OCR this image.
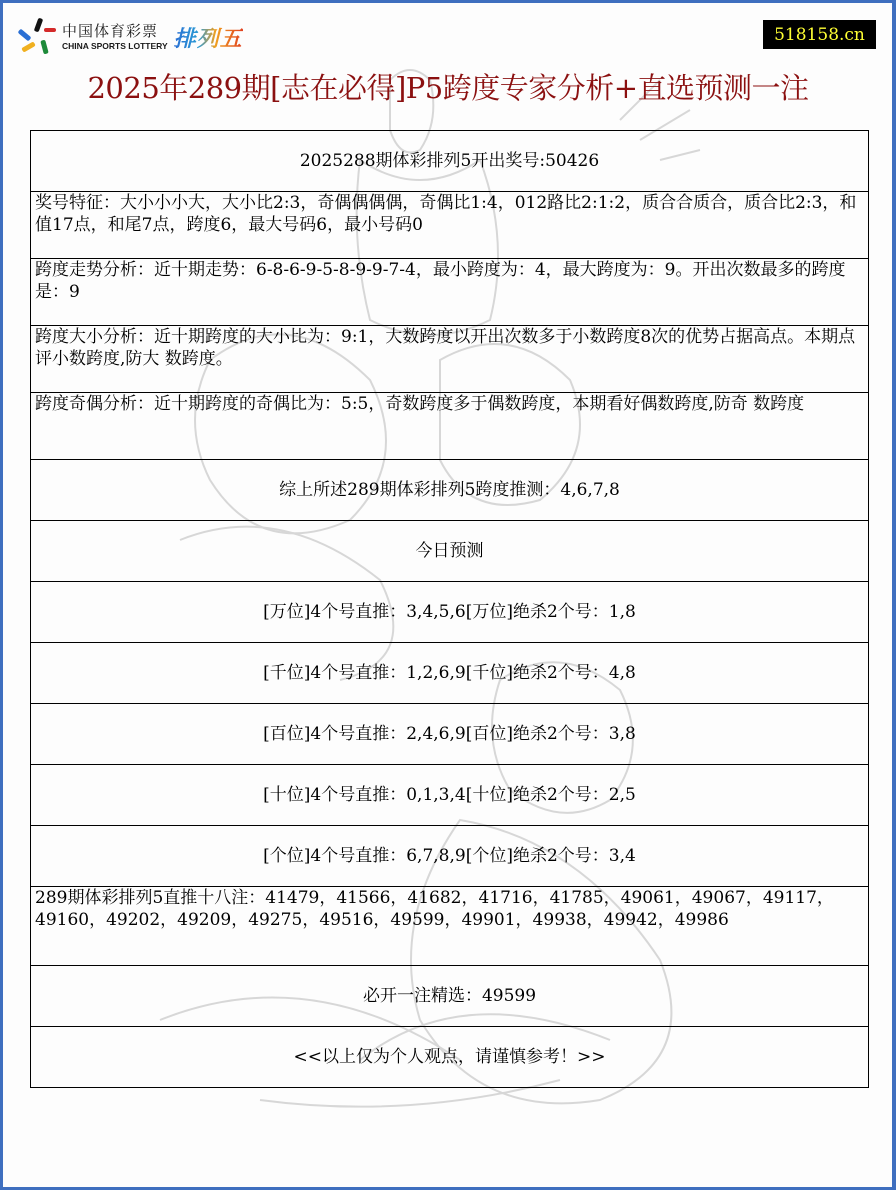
中国体育彩票
CHINA SPORTS LOTTERY 排列五	518158.cn
2025年289期[志在必得]P5跨度专家分析+直选预测一注
2025288期体彩排列5开出奖号:50426
奖号特征：大小小小大，大小比2:3，奇偶偶偶偶，奇偶比1:4，012路比2:1:2，质合合质合，质合比2:3，和值17点，和尾7点，跨度6，最大号码6，最小号码0
跨度走势分析：近十期走势：6-8-6-9-5-8-9-9-7-4，最小跨度为：4，最大跨度为：9。开出次数最多的跨度是：9
跨度大小分析：近十期跨度的大小比为：9:1，大数跨度以开出次数多于小数跨度8次的优势占据高点。本期点评小数跨度,防大 数跨度。
跨度奇偶分析：近十期跨度的奇偶比为：5:5，奇数跨度多于偶数跨度，本期看好偶数跨度,防奇 数跨度
综上所述289期体彩排列5跨度推测：4,6,7,8
今日预测
[万位]4个号直推：3,4,5,6[万位]绝杀2个号：1,8
[千位]4个号直推：1,2,6,9[千位]绝杀2个号：4,8
[百位]4个号直推：2,4,6,9[百位]绝杀2个号：3,8
[十位]4个号直推：0,1,3,4[十位]绝杀2个号：2,5
[个位]4个号直推：6,7,8,9[个位]绝杀2个号：3,4
289期体彩排列5直推十八注：41479，41566，41682，41716，41785，49061，49067，49117，49160，49202，49209，49275，49516，49599，49901，49938，49942，49986
必开一注精选：49599
<<以上仅为个人观点，请谨慎参考！>>
